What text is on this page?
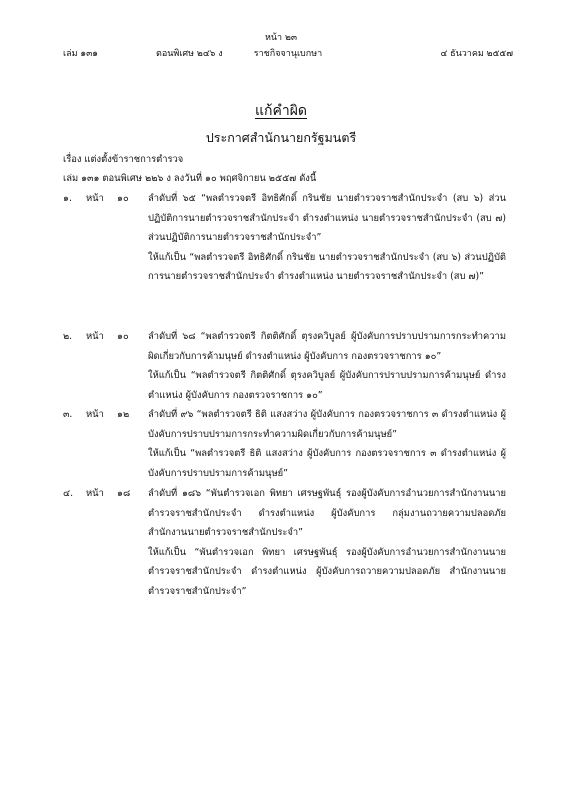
หน้า ๒๓
เล่ม ๑๓๑	ตอนพิเศษ ๒๔๖ ง	ราชกิจจานุเบกษา	๔ ธันวาคม ๒๕๕๗
แก้คำผิด
ประกาศสำนักนายกรัฐมนตรี
เรื่อง แต่งตั้งข้าราชการตำรวจ
เล่ม ๑๓๑ ตอนพิเศษ ๒๒๖ ง ลงวันที่ ๑๐ พฤศจิกายน ๒๕๕๗ ดังนี้
๑. หน้า ๑๐ ลำดับที่ ๖๕ “พลตำรวจตรี อิทธิศักดิ์ กรินชัย นายตำรวจราชสำนักประจำ (สบ ๖) ส่วนปฏิบัติการนายตำรวจราชสำนักประจำ ตำรงตำแหน่ง นายตำรวจราชสำนักประจำ (สบ ๗) ส่วนปฏิบัติการนายตำรวจราชสำนักประจำ”

ให้แก้เป็น “พลตำรวจตรี อิทธิศักดิ์ กรินชัย นายตำรวจราชสำนักประจำ (สบ ๖) ส่วนปฏิบัติการนายตำรวจราชสำนักประจำ ตำรงตำแหน่ง นายตำรวจราชสำนักประจำ (สบ ๗)”

๒. หน้า ๑๐ ลำดับที่ ๖๘ “พลตำรวจตรี กิตติศักดิ์ ตุรงควิบูลย์ ผู้บังคับการปราบปรามการกระทำความผิดเกี่ยวกับการค้ามนุษย์ ดำรงตำแหน่ง ผู้บังคับการ กองตรวจราชการ ๑๐”

ให้แก้เป็น “พลตำรวจตรี กิตติศักดิ์ ตุรงควิบูลย์ ผู้บังคับการปราบปรามการค้ามนุษย์ ดำรงตำแหน่ง ผู้บังคับการ กองตรวจราชการ ๑๐”

๓. หน้า ๑๒ ลำดับที่ ๙๖ “พลตำรวจตรี ธิติ แสงสว่าง ผู้บังคับการ กองตรวจราชการ ๓ ดำรงตำแหน่ง ผู้บังคับการปราบปรามการกระทำความผิดเกี่ยวกับการค้ามนุษย์”

ให้แก้เป็น “พลตำรวจตรี ธิติ แสงสว่าง ผู้บังคับการ กองตรวจราชการ ๓ ดำรงตำแหน่ง ผู้บังคับการปราบปรามการค้ามนุษย์”

๔. หน้า ๑๘ ลำดับที่ ๑๘๖ “พันตำรวจเอก พิทยา เศรษฐพันธุ์ รองผู้บังคับการอำนวยการสำนักงานนายตำรวจราชสำนักประจำ ดำรงตำแหน่ง ผู้บังคับการ กลุ่มงานถวายความปลอดภัย สำนักงานนายตำรวจราชสำนักประจำ”

ให้แก้เป็น “พันตำรวจเอก พิทยา เศรษฐพันธุ์ รองผู้บังคับการอำนวยการสำนักงานนายตำรวจราชสำนักประจำ ดำรงตำแหน่ง ผู้บังคับการถวายความปลอดภัย สำนักงานนายตำรวจราชสำนักประจำ”
